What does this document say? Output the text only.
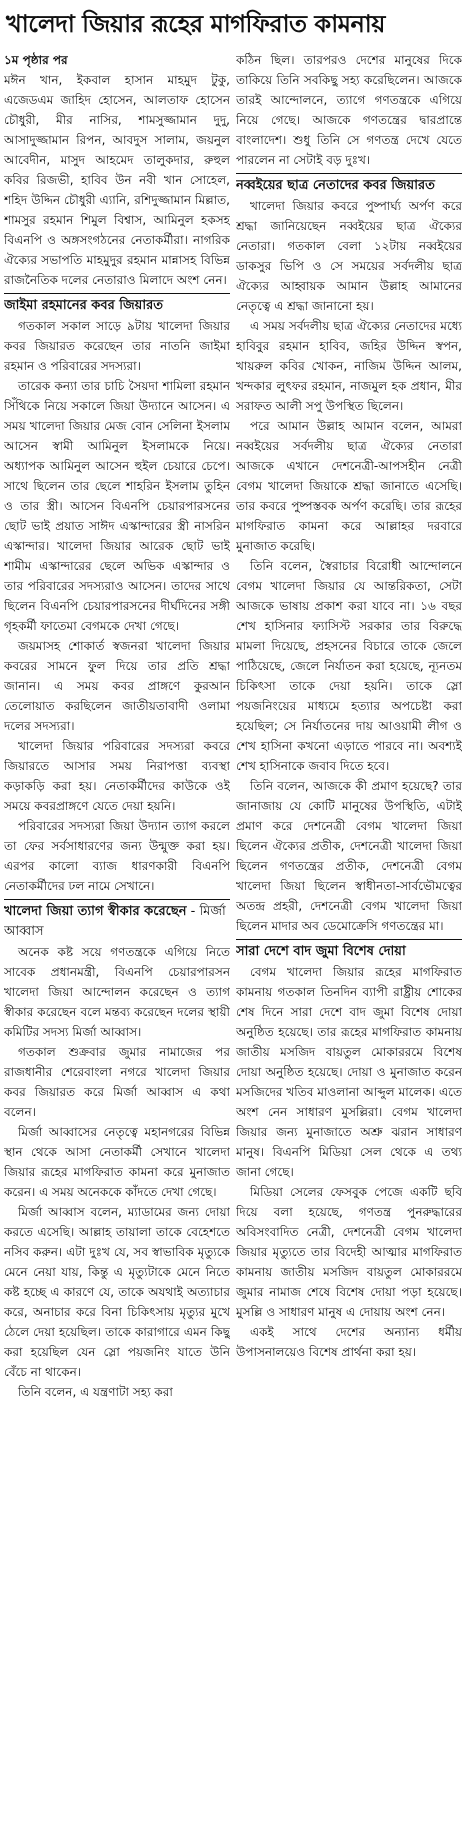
খালেদা জিয়ার রূহের মাগফিরাত কামনায়

১ম পৃষ্ঠার পর
মঈন খান, ইকবাল হাসান মাহমুদ টুকু, এজেডএম জাহিদ হোসেন, আলতাফ হোসেন চৌধুরী, মীর নাসির, শামসুজ্জামান দুদু, আসাদুজ্জামান রিপন, আবদুস সালাম, জয়নুল আবেদীন, মাসুদ আহমেদ তালুকদার, রুহুল কবির রিজভী, হাবিব উন নবী খান সোহেল, শহিদ উদ্দিন চৌধুরী এ্যানি, রশিদুজ্জামান মিল্লাত, শামসুর রহমান শিমুল বিশ্বাস, আমিনুল হকসহ বিএনপি ও অঙ্গসংগঠনের নেতাকর্মীরা। নাগরিক ঐক্যের সভাপতি মাহমুদুর রহমান মান্নাসহ বিভিন্ন রাজনৈতিক দলের নেতারাও মিলাদে অংশ নেন।

জাইমা রহমানের কবর জিয়ারত

গতকাল সকাল সাড়ে ৯টায় খালেদা জিয়ার কবর জিয়ারত করেছেন তার নাতনি জাইমা রহমান ও পরিবারের সদস্যরা।

তারেক কন্যা তার চাচি সৈয়দা শামিলা রহমান সিঁথিকে নিয়ে সকালে জিয়া উদ্যানে আসেন। এ সময় খালেদা জিয়ার মেজ বোন সেলিনা ইসলাম আসেন স্বামী আমিনুল ইসলামকে নিয়ে। অধ্যাপক আমিনুল আসেন হুইল চেয়ারে চেপে। সাথে ছিলেন তার ছেলে শাহরিন ইসলাম তুহিন ও তার স্ত্রী। আসেন বিএনপি চেয়ারপারসনের ছোট ভাই প্রয়াত সাঈদ এস্কান্দারের স্ত্রী নাসরিন এস্কান্দার। খালেদা জিয়ার আরেক ছোট ভাই শামীম এস্কান্দারের ছেলে অভিক এস্কান্দার ও তার পরিবারের সদস্যরাও আসেন। তাদের সাথে ছিলেন বিএনপি চেয়ারপারসনের দীর্ঘদিনের সঙ্গী গৃহকর্মী ফাতেমা বেগমকে দেখা গেছে।

জয়মাসহ শোকার্ত স্বজনরা খালেদা জিয়ার কবরের সামনে ফুল দিয়ে তার প্রতি শ্রদ্ধা জানান। এ সময় কবর প্রাঙ্গণে কুরআন তেলোয়াত করছিলেন জাতীয়তাবাদী ওলামা দলের সদস্যরা।

খালেদা জিয়ার পরিবারের সদস্যরা কবরে জিয়ারতে আসার সময় নিরাপত্তা ব্যবস্থা কড়াকড়ি করা হয়। নেতাকর্মীদের কাউকে ওই সময়ে কবরপ্রাঙ্গণে যেতে দেয়া হয়নি।

পরিবারের সদস্যরা জিয়া উদ্যান ত্যাগ করলে তা ফের সর্বসাধারণের জন্য উন্মুক্ত করা হয়। এরপর কালো ব্যাজ ধারণকারী বিএনপি নেতাকর্মীদের ঢল নামে সেখানে।

খালেদা জিয়া ত্যাগ স্বীকার করেছেন - মির্জা আব্বাস

অনেক কষ্ট সয়ে গণতন্ত্রকে এগিয়ে নিতে সাবেক প্রধানমন্ত্রী, বিএনপি চেয়ারপারসন খালেদা জিয়া আন্দোলন করেছেন ও ত্যাগ স্বীকার করেছেন বলে মন্তব্য করেছেন দলের স্থায়ী কমিটির সদস্য মির্জা আব্বাস।

গতকাল শুক্রবার জুমার নামাজের পর রাজধানীর শেরেবাংলা নগরে খালেদা জিয়ার কবর জিয়ারত করে মির্জা আব্বাস এ কথা বলেন।

মির্জা আব্বাসের নেতৃত্বে মহানগরের বিভিন্ন স্থান থেকে আসা নেতাকর্মী সেখানে খালেদা জিয়ার রূহের মাগফিরাত কামনা করে মুনাজাত করেন। এ সময় অনেককে কাঁদতে দেখা গেছে।

মির্জা আব্বাস বলেন, ম্যাডামের জন্য দোয়া করতে এসেছি। আল্লাহ তায়ালা তাকে বেহেশতে নসিব করুন। এটা দুঃখ যে, সব স্বাভাবিক মৃত্যুকে মেনে নেয়া যায়, কিন্তু এ মৃত্যুটাকে মেনে নিতে কষ্ট হচ্ছে এ কারণে যে, তাকে অযথাই অত্যাচার করে, অনাচার করে বিনা চিকিৎসায় মৃত্যুর মুখে ঠেলে দেয়া হয়েছিল। তাকে কারাগারে এমন কিছু করা হয়েছিল যেন স্লো পয়জনিং যাতে উনি বেঁচে না থাকেন।

তিনি বলেন, এ যন্ত্রণাটা সহ্য করা

কঠিন ছিল। তারপরও দেশের মানুষের দিকে তাকিয়ে তিনি সবকিছু সহ্য করেছিলেন। আজকে তারই আন্দোলনে, ত্যাগে গণতন্ত্রকে এগিয়ে নিয়ে গেছে। আজকে গণতন্ত্রের দ্বারপ্রান্তে বাংলাদেশ। শুধু তিনি সে গণতন্ত্র দেখে যেতে পারলেন না সেটাই বড় দুঃখ।

নব্বইয়ের ছাত্র নেতাদের কবর জিয়ারত

খালেদা জিয়ার কবরে পুষ্পার্ঘ্য অর্পণ করে শ্রদ্ধা জানিয়েছেন নব্বইয়ের ছাত্র ঐক্যের নেতারা। গতকাল বেলা ১২টায় নব্বইয়ের ডাকসুর ভিপি ও সে সময়ের সর্বদলীয় ছাত্র ঐক্যের আহ্বায়ক আমান উল্লাহ আমানের নেতৃত্বে এ শ্রদ্ধা জানানো হয়।

এ সময় সর্বদলীয় ছাত্র ঐক্যের নেতাদের মধ্যে হাবিবুর রহমান হাবিব, জহির উদ্দিন স্বপন, খায়রুল কবির খোকন, নাজিম উদ্দিন আলম, খন্দকার লুৎফর রহমান, নাজমুল হক প্রধান, মীর সরাফত আলী সপু উপস্থিত ছিলেন।

পরে আমান উল্লাহ আমান বলেন, আমরা নব্বইয়ের সর্বদলীয় ছাত্র ঐক্যের নেতারা আজকে এখানে দেশনেত্রী-আপসহীন নেত্রী বেগম খালেদা জিয়াকে শ্রদ্ধা জানাতে এসেছি। তার কবরে পুষ্পস্তবক অর্পণ করেছি। তার রূহের মাগফিরাত কামনা করে আল্লাহর দরবারে মুনাজাত করেছি।

তিনি বলেন, স্বৈরাচার বিরোধী আন্দোলনে বেগম খালেদা জিয়ার যে আন্তরিকতা, সেটা আজকে ভাষায় প্রকাশ করা যাবে না। ১৬ বছর শেখ হাসিনার ফ্যাসিস্ট সরকার তার বিরুদ্ধে মামলা দিয়েছে, প্রহসনের বিচারে তাকে জেলে পাঠিয়েছে, জেলে নির্যাতন করা হয়েছে, ন্যূনতম চিকিৎসা তাকে দেয়া হয়নি। তাকে স্লো পয়জনিংয়ের মাধ্যমে হত্যার অপচেষ্টা করা হয়েছিল; সে নির্যাতনের দায় আওয়ামী লীগ ও শেখ হাসিনা কখনো এড়াতে পারবে না। অবশ্যই শেখ হাসিনাকে জবাব দিতে হবে।

তিনি বলেন, আজকে কী প্রমাণ হয়েছে? তার জানাজায় যে কোটি মানুষের উপস্থিতি, এটাই প্রমাণ করে দেশনেত্রী বেগম খালেদা জিয়া ছিলেন ঐক্যের প্রতীক, দেশনেত্রী খালেদা জিয়া ছিলেন গণতন্ত্রের প্রতীক, দেশনেত্রী বেগম খালেদা জিয়া ছিলেন স্বাধীনতা-সার্বভৌমত্বের অতন্দ্র প্রহরী, দেশনেত্রী বেগম খালেদা জিয়া ছিলেন মাদার অব ডেমোক্রেসি গণতন্ত্রের মা।

সারা দেশে বাদ জুমা বিশেষ দোয়া

বেগম খালেদা জিয়ার রূহের মাগফিরাত কামনায় গতকাল তিনদিন ব্যাপী রাষ্ট্রীয় শোকের শেষ দিনে সারা দেশে বাদ জুমা বিশেষ দোয়া অনুষ্ঠিত হয়েছে। তার রূহের মাগফিরাত কামনায় জাতীয় মসজিদ বায়তুল মোকাররমে বিশেষ দোয়া অনুষ্ঠিত হয়েছে। দোয়া ও মুনাজাত করেন মসজিদের খতিব মাওলানা আব্দুল মালেক। এতে অংশ নেন সাধারণ মুসল্লিরা। বেগম খালেদা জিয়ার জন্য মুনাজাতে অশ্রু ঝরান সাধারণ মানুষ। বিএনপি মিডিয়া সেল থেকে এ তথ্য জানা গেছে।

মিডিয়া সেলের ফেসবুক পেজে একটি ছবি দিয়ে বলা হয়েছে, গণতন্ত্র পুনরুদ্ধারের অবিসংবাদিত নেত্রী, দেশনেত্রী বেগম খালেদা জিয়ার মৃত্যুতে তার বিদেহী আত্মার মাগফিরাত কামনায় জাতীয় মসজিদ বায়তুল মোকাররমে জুমার নামাজ শেষে বিশেষ দোয়া পড়া হয়েছে। মুসল্লি ও সাধারণ মানুষ এ দোয়ায় অংশ নেন।

একই সাথে দেশের অন্যান্য ধর্মীয় উপাসনালয়েও বিশেষ প্রার্থনা করা হয়।
